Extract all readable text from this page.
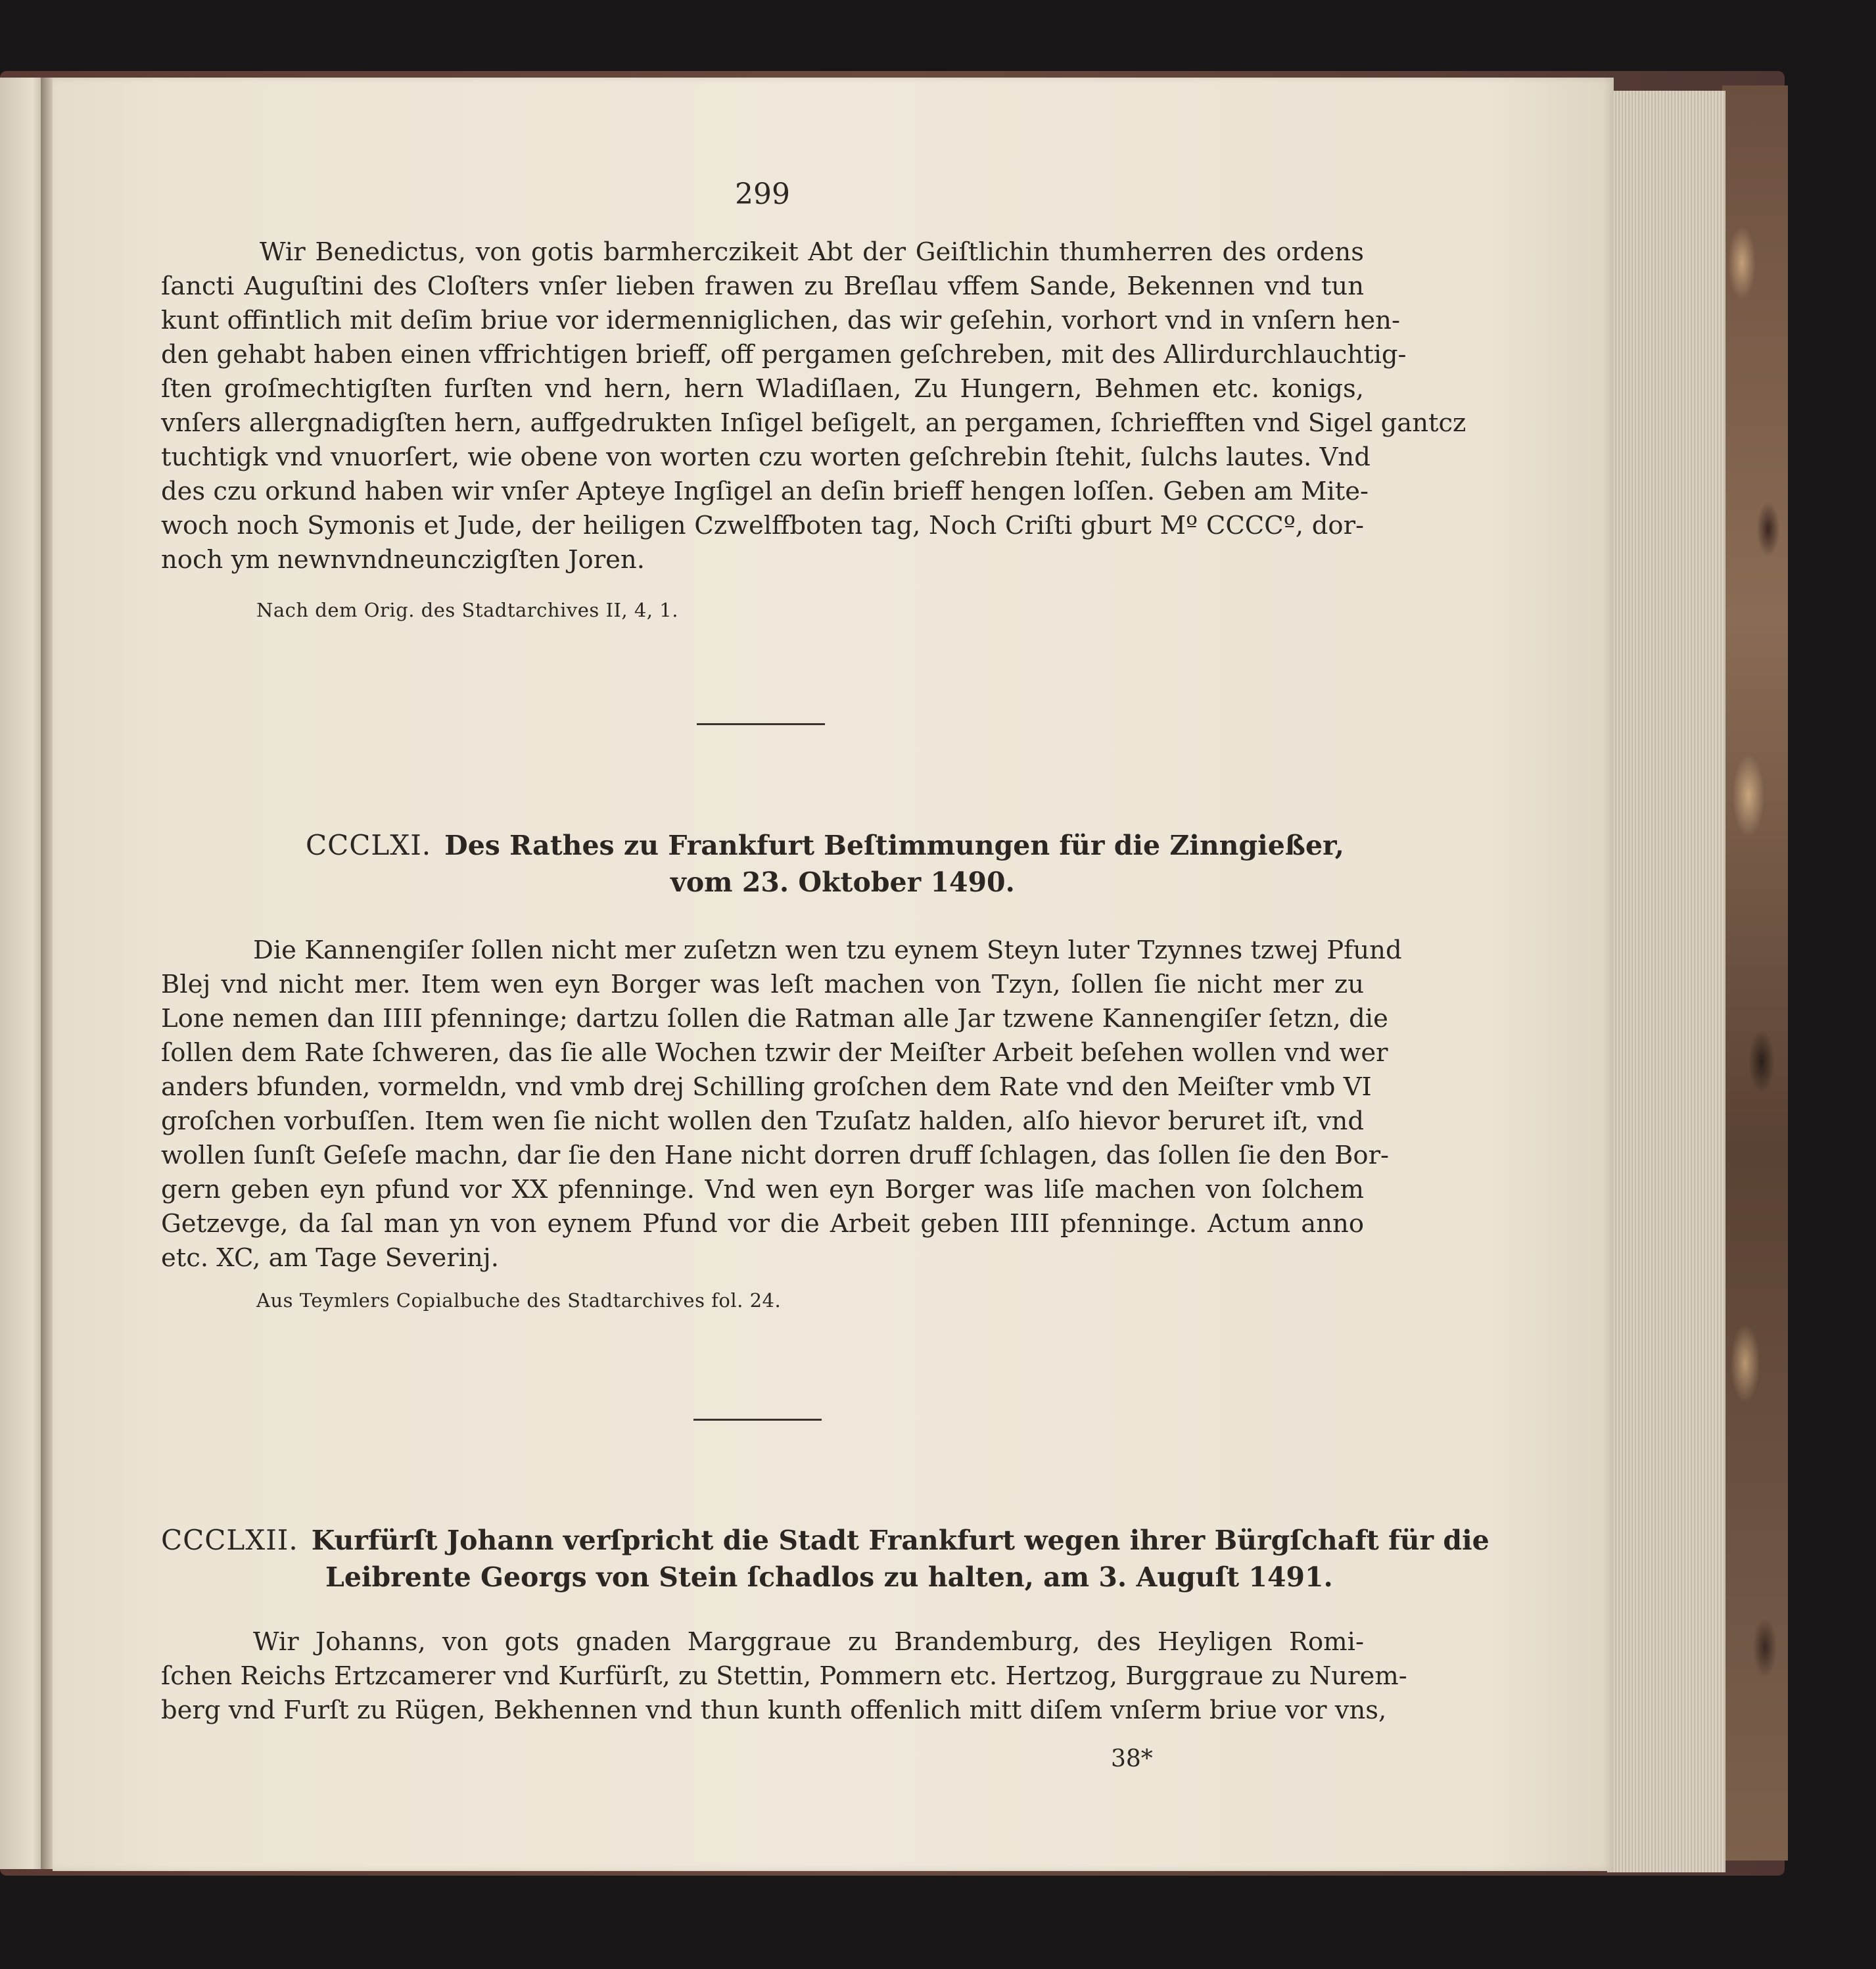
299
Wir Benedictus, von gotis barmherczikeit Abt der Geiſtlichin thumherren des ordens
ſancti Auguſtini des Cloſters vnſer lieben frawen zu Breſlau vffem Sande, Bekennen vnd tun
kunt offintlich mit deſim briue vor idermenniglichen, das wir geſehin, vorhort vnd in vnſern hen-
den gehabt haben einen vffrichtigen brieff, off pergamen geſchreben, mit des Allirdurchlauchtig-
ſten groſmechtigſten furſten vnd hern, hern Wladiſlaen, Zu Hungern, Behmen etc. konigs,
vnſers allergnadigſten hern, auffgedrukten Inſigel beſigelt, an pergamen, ſchriefften vnd Sigel gantcz
tuchtigk vnd vnuorſert, wie obene von worten czu worten geſchrebin ſtehit, ſulchs lautes. Vnd
des czu orkund haben wir vnſer Apteye Ingſigel an deſin brieff hengen loſſen. Geben am Mite-
woch noch Symonis et Jude, der heiligen Czwelffboten tag, Noch Criſti gburt Mº CCCCº, dor-
noch ym newnvndneunczigſten Joren.
Nach dem Orig. des Stadtarchives II, 4, 1.
CCCLXI. Des Rathes zu Frankfurt Beſtimmungen für die Zinngießer,
vom 23. Oktober 1490.
Die Kannengiſer ſollen nicht mer zuſetzn wen tzu eynem Steyn luter Tzynnes tzwej Pfund
Blej vnd nicht mer. Item wen eyn Borger was leſt machen von Tzyn, ſollen ſie nicht mer zu
Lone nemen dan IIII pfenninge; dartzu ſollen die Ratman alle Jar tzwene Kannengiſer ſetzn, die
ſollen dem Rate ſchweren, das ſie alle Wochen tzwir der Meiſter Arbeit beſehen wollen vnd wer
anders bfunden, vormeldn, vnd vmb drej Schilling groſchen dem Rate vnd den Meiſter vmb VI
groſchen vorbuſſen. Item wen ſie nicht wollen den Tzuſatz halden, alſo hievor beruret iſt, vnd
wollen ſunſt Geſeſe machn, dar ſie den Hane nicht dorren druff ſchlagen, das ſollen ſie den Bor-
gern geben eyn pfund vor XX pfenninge. Vnd wen eyn Borger was liſe machen von ſolchem
Getzevge, da ſal man yn von eynem Pfund vor die Arbeit geben IIII pfenninge. Actum anno
etc. XC, am Tage Severinj.
Aus Teymlers Copialbuche des Stadtarchives fol. 24.
CCCLXII. Kurfürſt Johann verſpricht die Stadt Frankfurt wegen ihrer Bürgſchaft für die
Leibrente Georgs von Stein ſchadlos zu halten, am 3. Auguſt 1491.
Wir Johanns, von gots gnaden Marggraue zu Brandemburg, des Heyligen Romi-
ſchen Reichs Ertzcamerer vnd Kurfürſt, zu Stettin, Pommern etc. Hertzog, Burggraue zu Nurem-
berg vnd Furſt zu Rügen, Bekhennen vnd thun kunth offenlich mitt diſem vnſerm briue vor vns,
38*
